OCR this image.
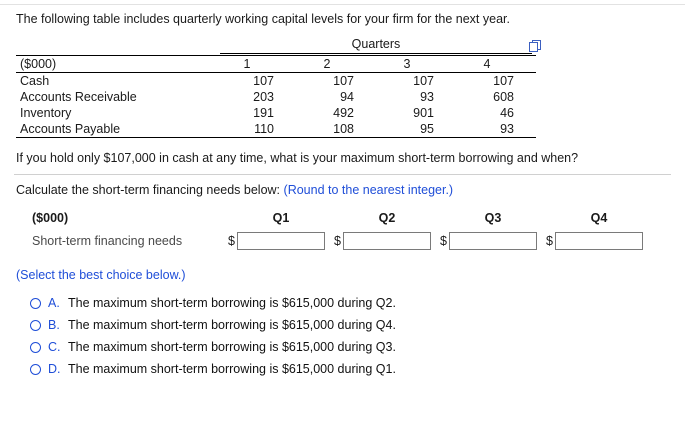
The following table includes quarterly working capital levels for your firm for the next year.
	Quarters			

($000)	1	2	3	4
Cash	107	107	107	107
Accounts Receivable	203	94	93	608
Inventory	191	492	901	46
Accounts Payable	110	108	95	93
If you hold only $107,000 in cash at any time, what is your maximum short-term borrowing and when?
Calculate the short-term financing needs below: (Round to the nearest integer.)
($000)	Q1	Q2	Q3	Q4
Short-term financing needs	$	$	$	$
(Select the best choice below.)
A. The maximum short-term borrowing is $615,000 during Q2.
B. The maximum short-term borrowing is $615,000 during Q4.
C. The maximum short-term borrowing is $615,000 during Q3.
D. The maximum short-term borrowing is $615,000 during Q1.
